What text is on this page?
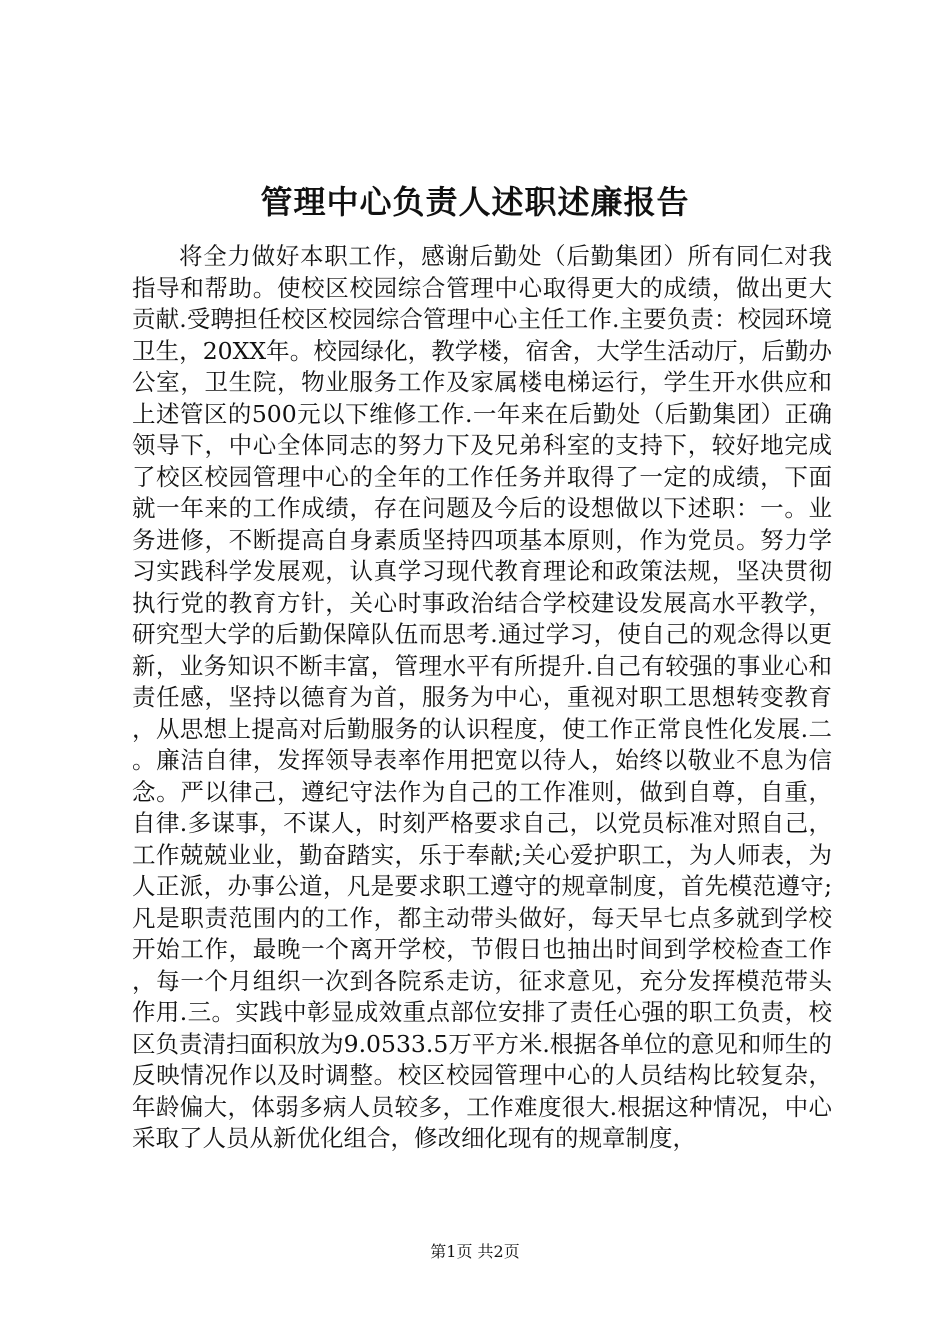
管理中心负责人述职述廉报告

将全力做好本职工作，感谢后勤处（后勤集团）所有同仁对我指导和帮助。使校区校园综合管理中心取得更大的成绩，做出更大贡献.受聘担任校区校园综合管理中心主任工作.主要负责：校园环境卫生，20XX年。校园绿化，教学楼，宿舍，大学生活动厅，后勤办公室，卫生院，物业服务工作及家属楼电梯运行，学生开水供应和上述管区的500元以下维修工作.一年来在后勤处（后勤集团）正确领导下，中心全体同志的努力下及兄弟科室的支持下，较好地完成了校区校园管理中心的全年的工作任务并取得了一定的成绩，下面就一年来的工作成绩，存在问题及今后的设想做以下述职：一。业务进修，不断提高自身素质坚持四项基本原则，作为党员。努力学习实践科学发展观，认真学习现代教育理论和政策法规，坚决贯彻执行党的教育方针，关心时事政治结合学校建设发展高水平教学，研究型大学的后勤保障队伍而思考.通过学习，使自己的观念得以更新，业务知识不断丰富，管理水平有所提升.自己有较强的事业心和责任感，坚持以德育为首，服务为中心，重视对职工思想转变教育，从思想上提高对后勤服务的认识程度，使工作正常良性化发展.二。廉洁自律，发挥领导表率作用把宽以待人，始终以敬业不息为信念。严以律己，遵纪守法作为自己的工作准则，做到自尊，自重，自律.多谋事，不谋人，时刻严格要求自己，以党员标准对照自己，工作兢兢业业，勤奋踏实，乐于奉献;关心爱护职工，为人师表，为人正派，办事公道，凡是要求职工遵守的规章制度，首先模范遵守;凡是职责范围内的工作，都主动带头做好，每天早七点多就到学校开始工作，最晚一个离开学校，节假日也抽出时间到学校检查工作，每一个月组织一次到各院系走访，征求意见，充分发挥模范带头作用.三。实践中彰显成效重点部位安排了责任心强的职工负责，校区负责清扫面积放为9.0533.5万平方米.根据各单位的意见和师生的反映情况作以及时调整。校区校园管理中心的人员结构比较复杂，年龄偏大，体弱多病人员较多，工作难度很大.根据这种情况，中心采取了人员从新优化组合，修改细化现有的规章制度，

第1页 共2页
